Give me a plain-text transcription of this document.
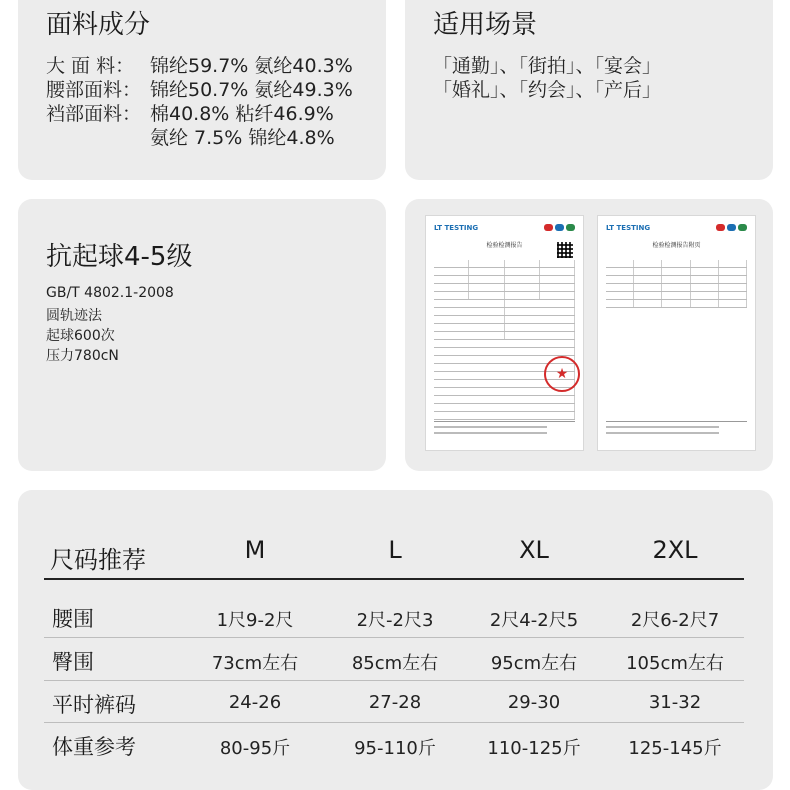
面料成分
大 面 料： 锦纶59.7% 氨纶40.3%
腰部面料： 锦纶50.7% 氨纶49.3%
裆部面料： 棉40.8% 粘纤46.9%
氨纶 7.5% 锦纶4.8%
适用场景
「通勤」、「街拍」、「宴会」
「婚礼」、「约会」、「产后」
抗起球4-5级
GB/T 4802.1-2008
圆轨迹法
起球600次
压力780cN
LT TESTING
检验检测报告
★
LT TESTING
检验检测报告附页
尺码推荐	M	L	XL	2XL
腰围	1尺9-2尺	2尺-2尺3	2尺4-2尺5	2尺6-2尺7
臀围	73cm左右	85cm左右	95cm左右	105cm左右
平时裤码	24-26	27-28	29-30	31-32
体重参考	80-95斤	95-110斤	110-125斤	125-145斤
